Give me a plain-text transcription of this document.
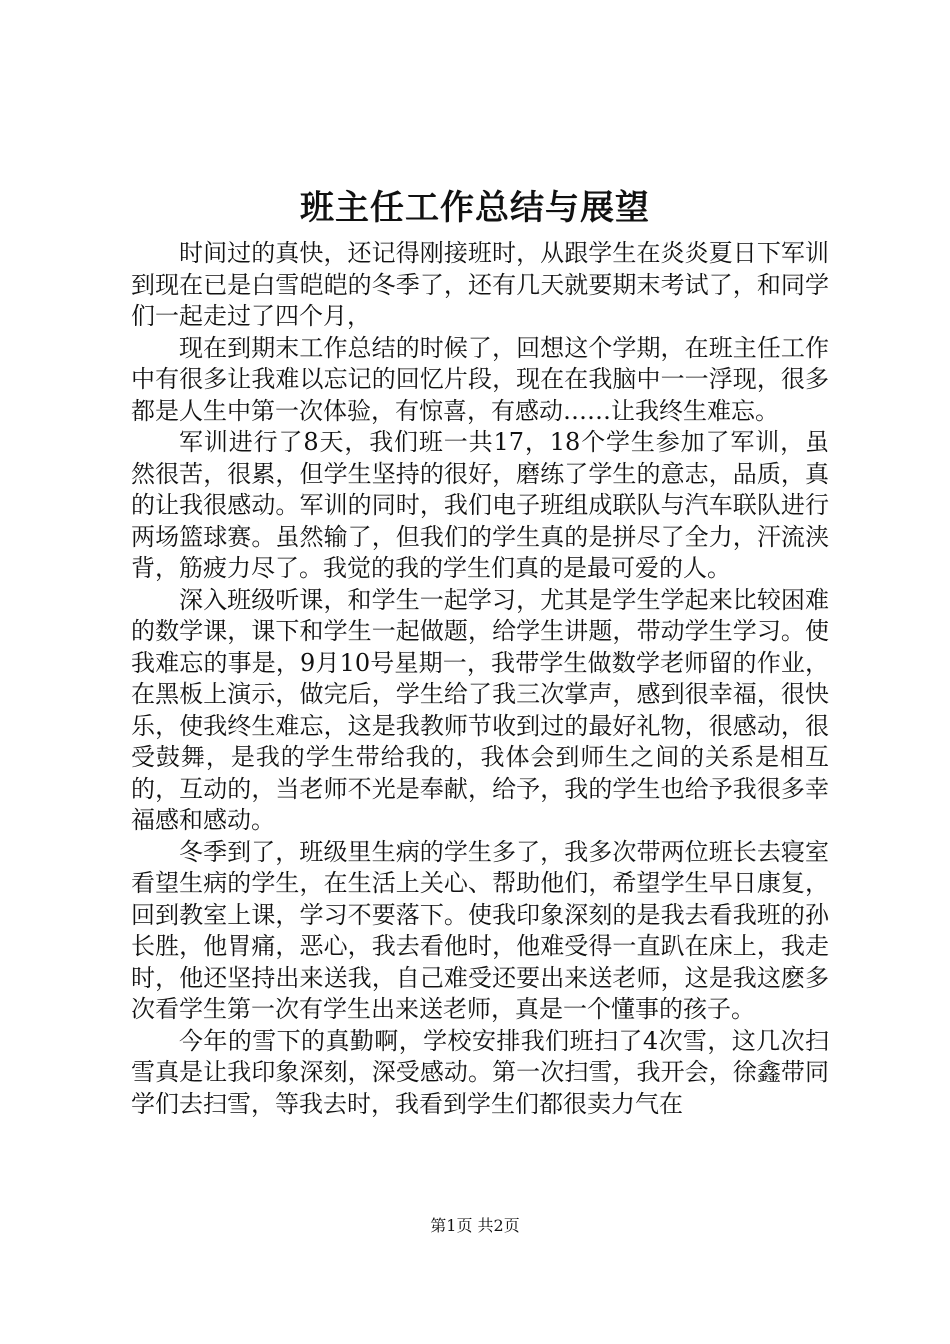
班主任工作总结与展望

时间过的真快，还记得刚接班时，从跟学生在炎炎夏日下军训到现在已是白雪皑皑的冬季了，还有几天就要期末考试了，和同学们一起走过了四个月，

现在到期末工作总结的时候了，回想这个学期，在班主任工作中有很多让我难以忘记的回忆片段，现在在我脑中一一浮现，很多都是人生中第一次体验，有惊喜，有感动……让我终生难忘。

军训进行了8天，我们班一共17，18个学生参加了军训，虽然很苦，很累，但学生坚持的很好，磨练了学生的意志，品质，真的让我很感动。军训的同时，我们电子班组成联队与汽车联队进行两场篮球赛。虽然输了，但我们的学生真的是拼尽了全力，汗流浃背，筋疲力尽了。我觉的我的学生们真的是最可爱的人。

深入班级听课，和学生一起学习，尤其是学生学起来比较困难的数学课，课下和学生一起做题，给学生讲题，带动学生学习。使我难忘的事是，9月10号星期一，我带学生做数学老师留的作业，在黑板上演示，做完后，学生给了我三次掌声，感到很幸福，很快乐，使我终生难忘，这是我教师节收到过的最好礼物，很感动，很受鼓舞，是我的学生带给我的，我体会到师生之间的关系是相互的，互动的，当老师不光是奉献，给予，我的学生也给予我很多幸福感和感动。

冬季到了，班级里生病的学生多了，我多次带两位班长去寝室看望生病的学生，在生活上关心、帮助他们，希望学生早日康复，回到教室上课，学习不要落下。使我印象深刻的是我去看我班的孙长胜，他胃痛，恶心，我去看他时，他难受得一直趴在床上，我走时，他还坚持出来送我，自己难受还要出来送老师，这是我这麽多次看学生第一次有学生出来送老师，真是一个懂事的孩子。

今年的雪下的真勤啊，学校安排我们班扫了4次雪，这几次扫雪真是让我印象深刻，深受感动。第一次扫雪，我开会，徐鑫带同学们去扫雪，等我去时，我看到学生们都很卖力气在

第1页 共2页
